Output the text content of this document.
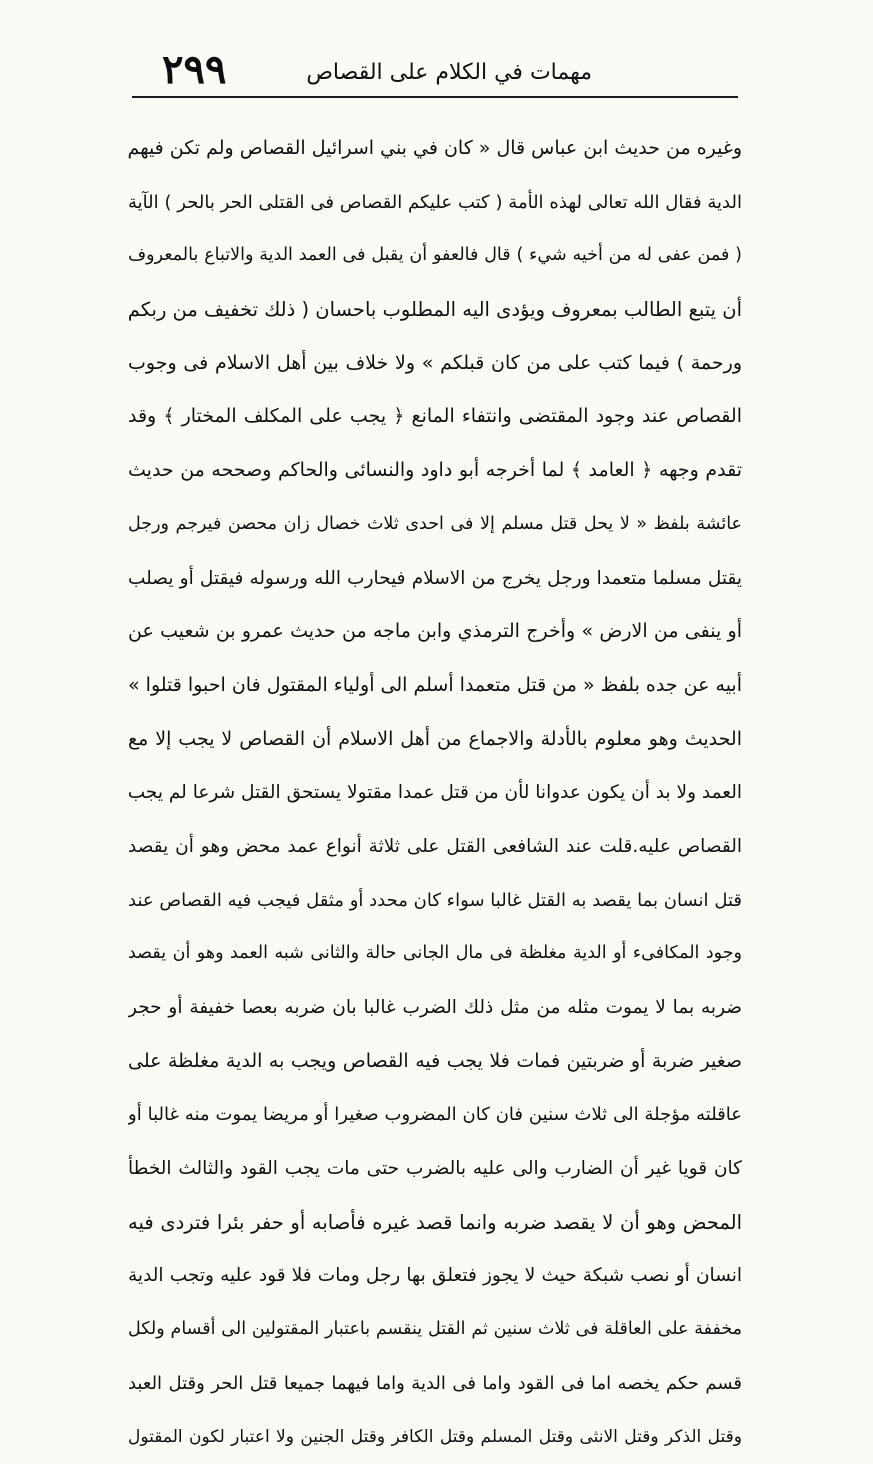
٢٩٩	مهمات في الكلام على القصاص
وغيره من حديث ابن عباس قال « كان في بني اسرائيل القصاص ولم تكن فيهم
الدية فقال الله تعالى لهذه الأمة ( كتب عليكم القصاص فى القتلى الحر بالحر ) الآية
( فمن عفى له من أخيه شيء ) قال فالعفو أن يقبل فى العمد الدية والاتباع بالمعروف
أن يتبع الطالب بمعروف ويؤدى اليه المطلوب باحسان ( ذلك تخفيف من ربكم
ورحمة ) فيما كتب على من كان قبلكم » ولا خلاف بين أهل الاسلام فى وجوب
القصاص عند وجود المقتضى وانتفاء المانع ﴿ يجب على المكلف المختار ﴾ وقد
تقدم وجهه ﴿ العامد ﴾ لما أخرجه أبو داود والنسائى والحاكم وصححه من حديث
عائشة بلفظ « لا يحل قتل مسلم إلا فى احدى ثلاث خصال زان محصن فيرجم ورجل
يقتل مسلما متعمدا ورجل يخرج من الاسلام فيحارب الله ورسوله فيقتل أو يصلب
أو ينفى من الارض » وأخرج الترمذي وابن ماجه من حديث عمرو بن شعيب عن
أبيه عن جده بلفظ « من قتل متعمدا أسلم الى أولياء المقتول فان احبوا قتلوا »
الحديث وهو معلوم بالأدلة والاجماع من أهل الاسلام أن القصاص لا يجب إلا مع
العمد ولا بد أن يكون عدوانا لأن من قتل عمدا مقتولا يستحق القتل شرعا لم يجب
القصاص عليه.قلت عند الشافعى القتل على ثلاثة أنواع عمد محض وهو أن يقصد
قتل انسان بما يقصد به القتل غالبا سواء كان محدد أو مثقل فيجب فيه القصاص عند
وجود المكافىء أو الدية مغلظة فى مال الجانى حالة والثانى شبه العمد وهو أن يقصد
ضربه بما لا يموت مثله من مثل ذلك الضرب غالبا بان ضربه بعصا خفيفة أو حجر
صغير ضربة أو ضربتين فمات فلا يجب فيه القصاص ويجب به الدية مغلظة على
عاقلته مؤجلة الى ثلاث سنين فان كان المضروب صغيرا أو مريضا يموت منه غالبا أو
كان قويا غير أن الضارب والى عليه بالضرب حتى مات يجب القود والثالث الخطأ
المحض وهو أن لا يقصد ضربه وانما قصد غيره فأصابه أو حفر بئرا فتردى فيه
انسان أو نصب شبكة حيث لا يجوز فتعلق بها رجل ومات فلا قود عليه وتجب الدية
مخففة على العاقلة فى ثلاث سنين ثم القتل ينقسم باعتبار المقتولين الى أقسام ولكل
قسم حكم يخصه اما فى القود واما فى الدية واما فيهما جميعا قتل الحر وقتل العبد
وقتل الذكر وقتل الانثى وقتل المسلم وقتل الكافر وقتل الجنين ولا اعتبار لكون المقتول
